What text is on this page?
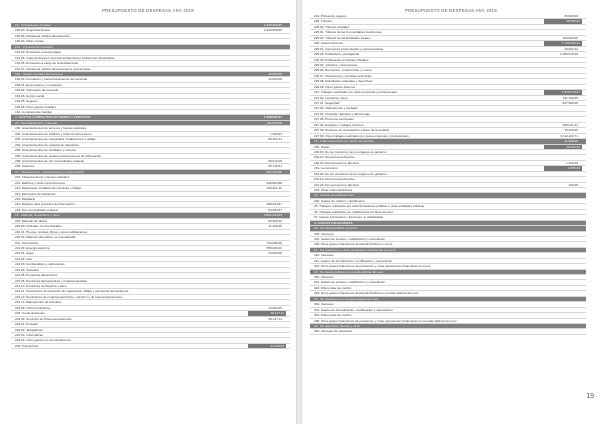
PRESUPUESTO DE DESPESAS ANY 2019
16 · Cotizaciones sociales	2.349.969,55
160.00. Seguridad Social	2.349.969,55
160.08. Asistencia médico-farmacéutica
160.09. Otras cuotas
161 · Prestaciones sociales
161.03. Pensiones excepcionales
161.04. Indemnizaciones al personal laboral por jubilaciones anticipadas
161.05. Pensiones a cargo de la Entidad local
161.07. Asistencia médico-farmacéutica a pensionistas
162 · Gastos sociales del personal	12.000,00
162.00. Formación y perfeccionamiento del personal	12.000,00
162.01. Economatos y comedores
162.02. Transporte de personal
162.04. Acción social
162.05. Seguros
162.09. Otros gastos sociales
164. Complemento familiar
2. GASTOS CORRIENTES EN BIENES Y SERVICIOS	7.458.947,61
20 · Arrendamientos y cánones	111.863,55
200. Arrendamientos de terrenos y bienes naturales
202. Arrendamientos de edificios y otras construcciones	1.399,94
203. Arrendamientos de maquinaria, instalaciones y utillaje	80.431,61
204. Arrendamientos de material de transporte
205. Arrendamientos de mobiliario y enseres
206. Arrendamientos de equipos para procesos de información
208. Arrendamientos de otro inmovilizado material	55.512,05
209. Cánones	25.720,51
21 · Reparaciones, mantenimiento y conservación	954.243,00
210. Infraestructuras y bienes naturales
212. Edificios y otras construcciones	346.804,88
213. Maquinaria, instalaciones técnicas y utillaje	109.921,10
214. Elementos de transporte
215. Mobiliario
216. Equipos para procesos de información	388.533,87
219. Otro inmovilizado material	54.904,57
22 · Material, suministros y otros	4.821.224,54
220. Material de oficina	52.090,20
220.00. Ordinario no inventariable	31.190,00
220.01. Prensa, revistas, libros y otras publicaciones
220.02. Material informático no inventariable
221. Suministros	794.068,90
221.00. Energía eléctrica	555.000,00
221.01. Agua	23.000,00
221.02. Gas
221.03. Combustibles y carburantes
221.04. Vestuario
221.05. Productos alimenticios
221.06. Productos farmacéuticos y material sanitario
221.10. Productos de limpieza y aseo
221.11. Suministros de repuestos de maquinaria, utillaje y elementos de transporte
221.12. Suministros de material electrónico, eléctrico y de telecomunicaciones
221.13. Manutención de animales
221.99. Otros suministros	12.069,95
222. Comunicaciones	45.147,11
222.00. Servicios de Telecomunicaciones	45.147,11
222.01. Postales
222.02. Telegráficas
222.03. Informáticas
222.99. Otros gastos en comunicaciones
223. Transportes	14.148,99
PRESUPUESTO DE DESPESAS ANY 2019
224. Primas de seguros	45.000,00
225. Tributos	12.500,00
225.00. Tributos estatales
225.01. Tributos de las Comunidades Autónomas
225.02. Tributos de las Entidades locales	100.000,00
226. Gastos diversos	1.726.993,21
226.01. Atenciones protocolarias y representativas	20.092,42
226.02. Publicidad y propaganda	1.686.512,00
226.03. Publicación en Diarios Oficiales
226.04. Jurídicos, contenciosos
226.06. Reuniones, conferencias y cursos
226.07. Oposiciones y pruebas selectivas
226.08. Actividades culturales y deportivas
226.99. Otros gastos diversos
227. Trabajos realizados por otras empresas y profesionales	1.676.513,07
227.00. Limpieza y aseo	411.196,35
227.01. Seguridad	837.500,00
227.02. Valoraciones y peritajes
227.04. Custodia, depósito y almacenaje
227.05. Procesos electorales
227.06. Estudios y trabajos técnicos	359.231,41
227.08. Servicios de recaudación a favor de la entidad	15.420,00
227.99. Otros trabajos realizados por otras empresas y profesionales	3.112.420,71
23 · Indemnizaciones por razón del servicio	11.926,00
230. Dietas	10.426,21
230.00. De los miembros de los órganos de gobierno
230.10. Del personal directivo
230.20. Del personal no directivo	1.326,25
231. Locomoción	1.500,00
231.00. De los miembros de los órganos de gobierno
231.10. Del personal directivo
231.20. Del personal no directivo	100,00
233. Otras indemnizaciones
24 · Gastos de publicaciones
240. Gastos de edición y distribución
25. Trabajos realizados por administraciones públicas y otras entidades públicas
26. Trabajos realizados por instituciones sin fines de lucro
27. Gastos imprevistos y funciones no clasificadas
3. GASTOS FINANCIEROS
30 · De deuda pública en euros
300. Intereses
301. Gastos de emisión, modificación y cancelación
309. Otros gastos financieros de Deuda Pública en euros
31 · De préstamos y otras operaciones financieras en euros
310. Intereses
311. Gastos de formalización, modificación y cancelación
319. Otros gastos financieros de préstamos y otras operaciones financieras en euros
32 · De deuda pública en moneda distinta del euro
320. Intereses
321. Gastos de emisión, modificación y cancelación
322. Diferencias de cambio
329. Otros gastos financieros de Deuda Pública en moneda distinta del euro
33 · De préstamos en moneda distinta del euro
330. Intereses
331. Gastos de formalización, modificación y cancelación
332. Diferencias de cambio
339. Otros gastos financieros de préstamos y otras operaciones financieras en moneda distinta del euro
34 · De depósitos, fianzas y otros
340. Intereses de depósitos
19
